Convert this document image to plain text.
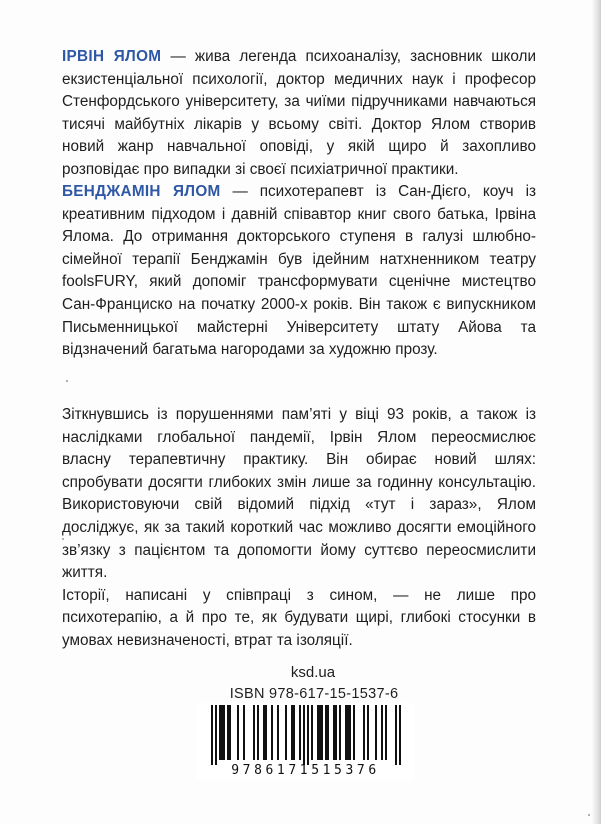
ІРВІН ЯЛОМ — жива легенда психоаналізу, засновник школи екзистенціальної психології, доктор медичних наук і професор Стенфордського університету, за чиїми підручниками навчаються тисячі майбутніх лікарів у всьому світі. Доктор Ялом створив новий жанр навчальної оповіді, у якій щиро й захопливо розповідає про випадки зі своєї психіатричної практики.

БЕНДЖАМІН ЯЛОМ — психотерапевт із Сан-Дієго, коуч із креативним підходом і давній співавтор книг свого батька, Ірвіна Ялома. До отримання докторського ступеня в галузі шлюбно-сімейної терапії Бенджамін був ідейним натхненником театру foolsFURY, який допоміг трансформувати сценічне мистецтво Сан-Франциско на початку 2000-х років. Він також є випускником Письменницької майстерні Університету штату Айова та відзначений багатьма нагородами за художню прозу.

Зіткнувшись із порушеннями пам’яті у віці 93 років, а також із наслідками глобальної пандемії, Ірвін Ялом переосмислює власну терапевтичну практику. Він обирає новий шлях: спробувати досягти глибоких змін лише за годинну консультацію. Використовуючи свій відомий підхід «тут і зараз», Ялом досліджує, як за такий короткий час можливо досягти емоційного зв’язку з пацієнтом та допомогти йому суттєво переосмислити життя.

Історії, написані у співпраці з сином, — не лише про психотерапію, а й про те, як будувати щирі, глибокі стосунки в умовах невизначеності, втрат та ізоляції.

ksd.ua
ISBN 978-617-15-1537-6
9786171515376
